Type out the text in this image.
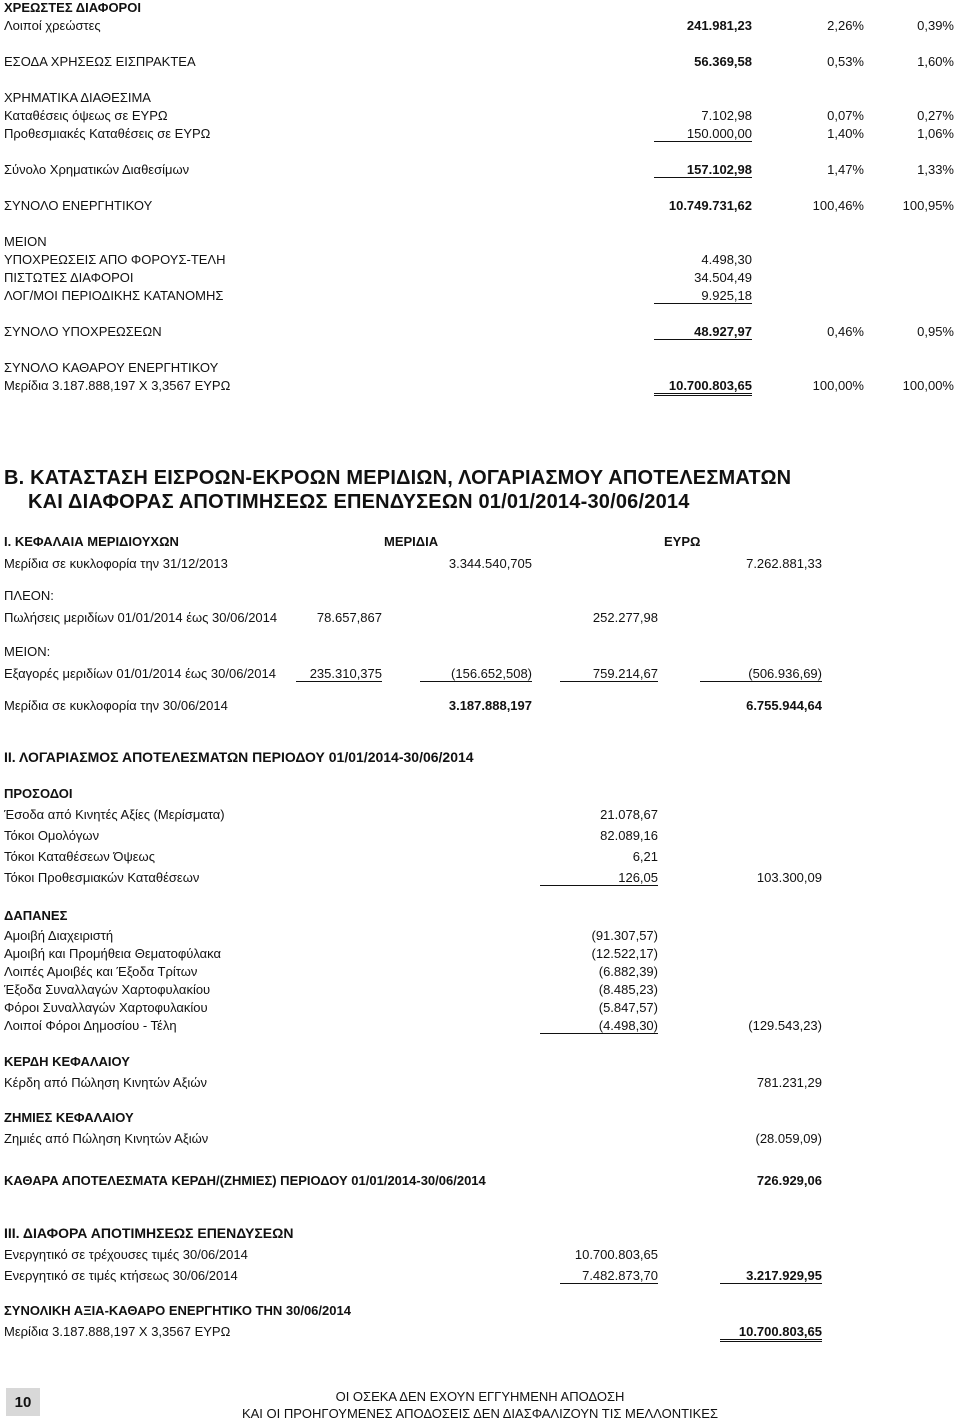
ΧΡΕΩΣΤΕΣ ΔΙΑΦΟΡΟΙ
Λοιποί χρεώστες	241.981,23	2,26%	0,39%
ΕΣΟΔΑ ΧΡΗΣΕΩΣ ΕΙΣΠΡΑΚΤΕΑ	56.369,58	0,53%	1,60%
ΧΡΗΜΑΤΙΚΑ ΔΙΑΘΕΣΙΜΑ
Καταθέσεις όψεως σε ΕΥΡΩ	7.102,98	0,07%	0,27%
Προθεσμιακές Καταθέσεις σε ΕΥΡΩ	150.000,00	1,40%	1,06%
Σύνολο Χρηματικών Διαθεσίμων	157.102,98	1,47%	1,33%
ΣΥΝΟΛΟ ΕΝΕΡΓΗΤΙΚΟΥ	10.749.731,62	100,46%	100,95%
ΜΕΙΟΝ
ΥΠΟΧΡΕΩΣΕΙΣ ΑΠΟ ΦΟΡΟΥΣ-ΤΕΛΗ	4.498,30
ΠΙΣΤΩΤΕΣ ΔΙΑΦΟΡΟΙ	34.504,49
ΛΟΓ/ΜΟΙ ΠΕΡΙΟΔΙΚΗΣ ΚΑΤΑΝΟΜΗΣ	9.925,18
ΣΥΝΟΛΟ ΥΠΟΧΡΕΩΣΕΩΝ	48.927,97	0,46%	0,95%
ΣΥΝΟΛΟ ΚΑΘΑΡΟΥ ΕΝΕΡΓΗΤΙΚΟΥ
Μερίδια 3.187.888,197 Χ 3,3567 ΕΥΡΩ	10.700.803,65	100,00%	100,00%
Β. ΚΑΤΑΣΤΑΣΗ ΕΙΣΡΟΩΝ-ΕΚΡΟΩΝ ΜΕΡΙΔΙΩΝ, ΛΟΓΑΡΙΑΣΜΟΥ ΑΠΟΤΕΛΕΣΜΑΤΩΝ
ΚΑΙ ΔΙΑΦΟΡΑΣ ΑΠΟΤΙΜΗΣΕΩΣ ΕΠΕΝΔΥΣΕΩΝ 01/01/2014-30/06/2014
Ι. ΚΕΦΑΛΑΙΑ ΜΕΡΙΔΙΟΥΧΩΝ	ΜΕΡΙΔΙΑ	ΕΥΡΩ
Μερίδια σε κυκλοφορία την 31/12/2013	3.344.540,705	7.262.881,33
ΠΛΕΟΝ:
Πωλήσεις μεριδίων 01/01/2014 έως 30/06/2014	78.657,867	252.277,98
ΜΕΙΟΝ:
Εξαγορές μεριδίων 01/01/2014 έως 30/06/2014	235.310,375	(156.652,508)	759.214,67	(506.936,69)
Μερίδια σε κυκλοφορία την 30/06/2014	3.187.888,197	6.755.944,64
ΙΙ. ΛΟΓΑΡΙΑΣΜΟΣ ΑΠΟΤΕΛΕΣΜΑΤΩΝ ΠΕΡΙΟΔΟΥ 01/01/2014-30/06/2014
ΠΡΟΣΟΔΟΙ
Έσοδα από Κινητές Αξίες (Μερίσματα)	21.078,67
Τόκοι Ομολόγων	82.089,16
Τόκοι Καταθέσεων Όψεως	6,21
Τόκοι Προθεσμιακών Καταθέσεων	126,05	103.300,09
ΔΑΠΑΝΕΣ
Αμοιβή Διαχειριστή	(91.307,57)
Αμοιβή και Προμήθεια Θεματοφύλακα	(12.522,17)
Λοιπές Αμοιβές και Έξοδα Τρίτων	(6.882,39)
Έξοδα Συναλλαγών Χαρτοφυλακίου	(8.485,23)
Φόροι Συναλλαγών Χαρτοφυλακίου	(5.847,57)
Λοιποί Φόροι Δημοσίου - Τέλη	(4.498,30)	(129.543,23)
ΚΕΡΔΗ ΚΕΦΑΛΑΙΟΥ
Κέρδη από Πώληση Κινητών Αξιών	781.231,29
ΖΗΜΙΕΣ ΚΕΦΑΛΑΙΟΥ
Ζημιές από Πώληση Κινητών Αξιών	(28.059,09)
ΚΑΘΑΡΑ ΑΠΟΤΕΛΕΣΜΑΤΑ ΚΕΡΔΗ/(ΖΗΜΙΕΣ) ΠΕΡΙΟΔΟΥ 01/01/2014-30/06/2014	726.929,06
ΙΙΙ. ΔΙΑΦΟΡΑ ΑΠΟΤΙΜΗΣΕΩΣ ΕΠΕΝΔΥΣΕΩΝ
Ενεργητικό σε τρέχουσες τιμές 30/06/2014	10.700.803,65
Ενεργητικό σε τιμές κτήσεως 30/06/2014	7.482.873,70	3.217.929,95
ΣΥΝΟΛΙΚΗ ΑΞΙΑ-ΚΑΘΑΡΟ ΕΝΕΡΓΗΤΙΚΟ ΤΗΝ 30/06/2014
Μερίδια 3.187.888,197 Χ 3,3567 ΕΥΡΩ	10.700.803,65
10	ΟΙ ΟΣΕΚΑ ΔΕΝ ΕΧΟΥΝ ΕΓΓΥΗΜΕΝΗ ΑΠΟΔΟΣΗ
ΚΑΙ ΟΙ ΠΡΟΗΓΟΥΜΕΝΕΣ ΑΠΟΔΟΣΕΙΣ ΔΕΝ ΔΙΑΣΦΑΛΙΖΟΥΝ ΤΙΣ ΜΕΛΛΟΝΤΙΚΕΣ
